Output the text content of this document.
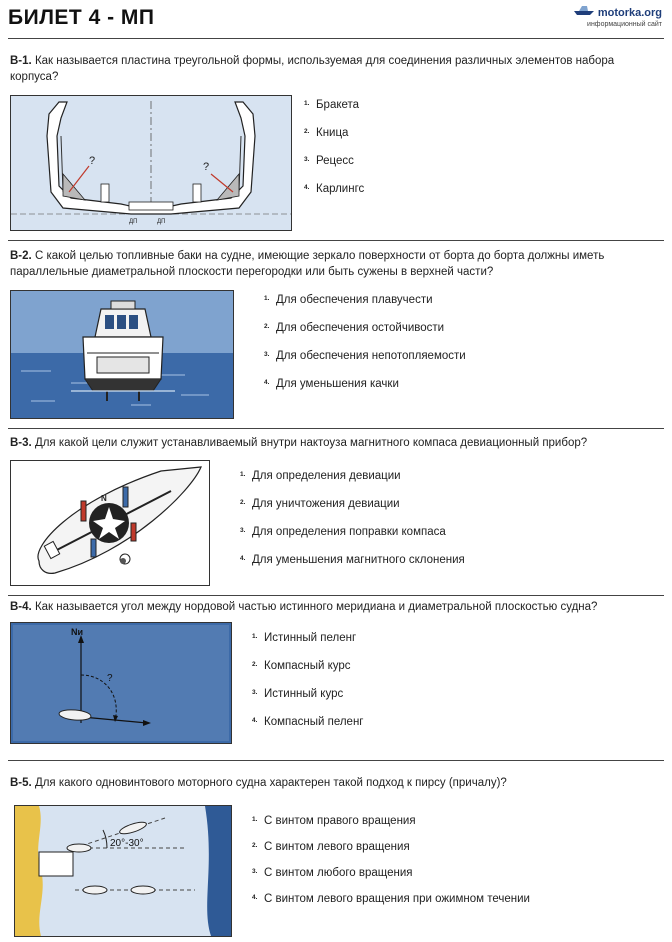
БИЛЕТ 4 - МП	motorka.org
информационный сайт
В-1. Как называется пластина треугольной формы, используемая для соединения различных элементов набора корпуса?
?	?
ДП	ДП
1. Бракета
2. Кница
3. Рецесс
4. Карлингс
В-2. С какой целью топливные баки на судне, имеющие зеркало поверхности от борта до борта должны иметь параллельные диаметральной плоскости перегородки или быть сужены в верхней части?
1. Для обеспечения плавучести
2. Для обеспечения остойчивости
3. Для обеспечения непотопляемости
4. Для уменьшения качки
В-3. Для какой цели служит устанавливаемый внутри нактоуза магнитного компаса девиационный прибор?
N
1. Для определения девиации
2. Для уничтожения девиации
3. Для определения поправки компаса
4. Для уменьшения магнитного склонения
В-4. Как называется угол между нордовой частью истинного меридиана и диаметральной плоскостью судна?
Nи
?
1. Истинный пеленг
2. Компасный курс
3. Истинный курс
4. Компасный пеленг
В-5. Для какого одновинтового моторного судна характерен такой подход к пирсу (причалу)?
20°-30°
1. С винтом правого вращения
2. С винтом левого вращения
3. С винтом любого вращения
4. С винтом левого вращения при ожимном течении
